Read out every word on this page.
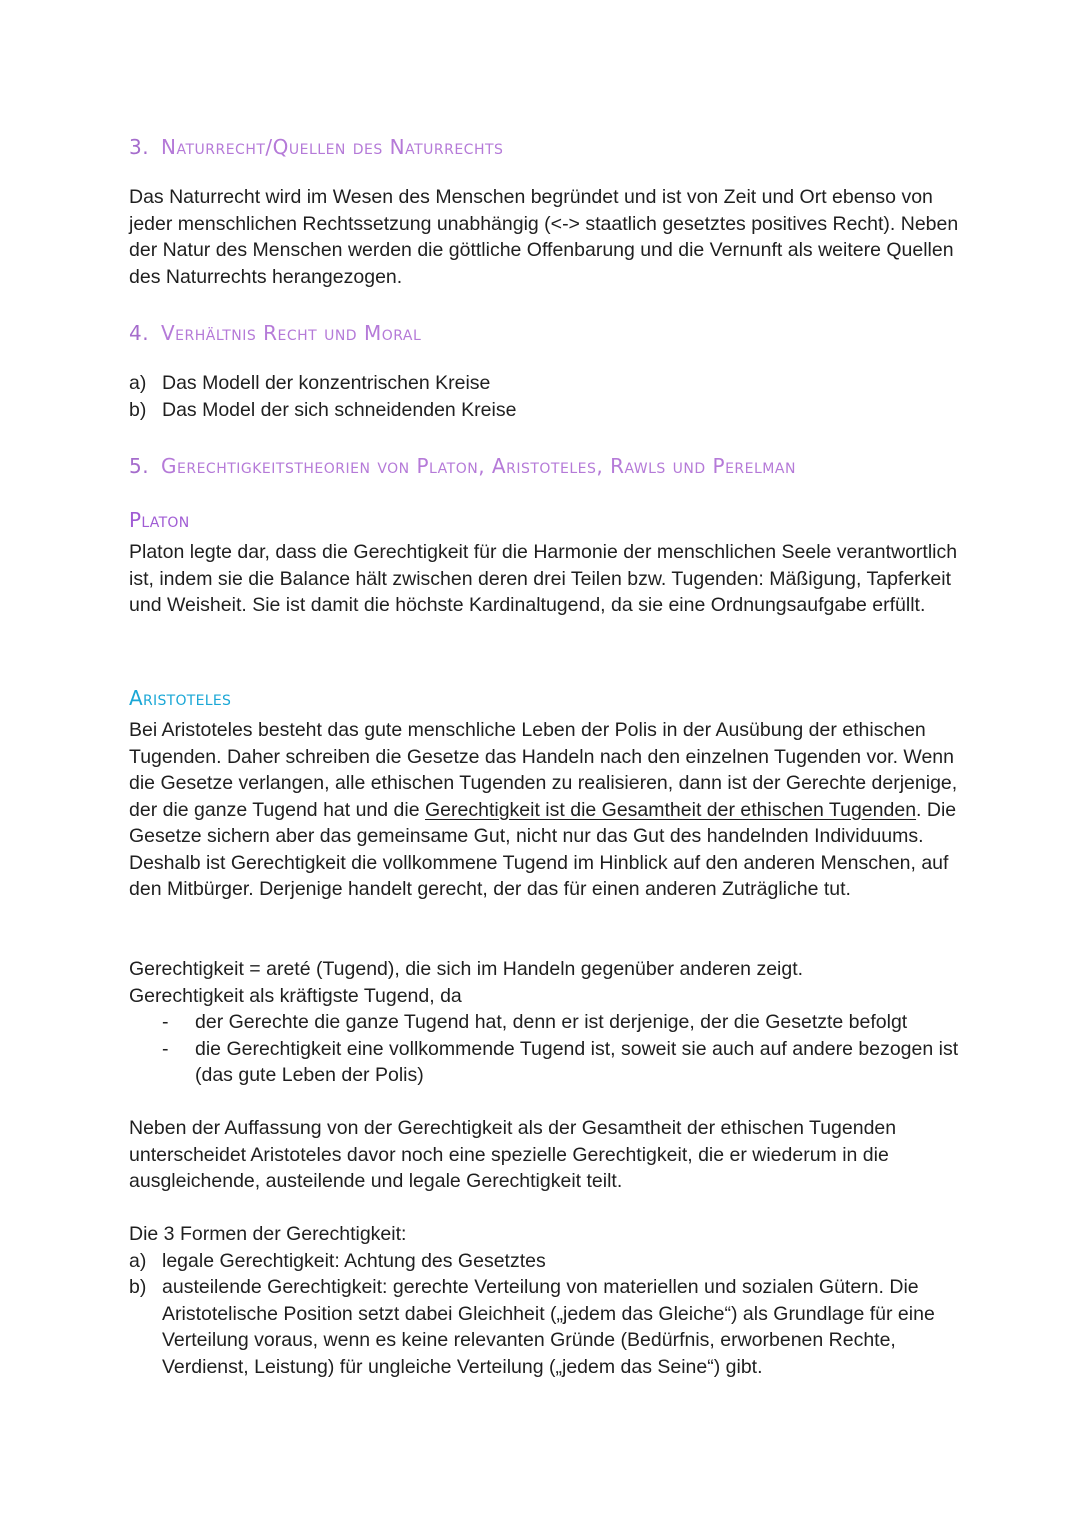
3. Naturrecht/Quellen des Naturrechts

Das Naturrecht wird im Wesen des Menschen begründet und ist von Zeit und Ort ebenso von jeder menschlichen Rechtssetzung unabhängig (<-> staatlich gesetztes positives Recht). Neben der Natur des Menschen werden die göttliche Offenbarung und die Vernunft als weitere Quellen des Naturrechts herangezogen.

4. Verhältnis Recht und Moral
a) Das Modell der konzentrischen Kreise
b) Das Model der sich schneidenden Kreise
5. Gerechtigkeitstheorien von Platon, Aristoteles, Rawls und Perelman
Platon

Platon legte dar, dass die Gerechtigkeit für die Harmonie der menschlichen Seele verantwortlich ist, indem sie die Balance hält zwischen deren drei Teilen bzw. Tugenden: Mäßigung, Tapferkeit und Weisheit. Sie ist damit die höchste Kardinaltugend, da sie eine Ordnungsaufgabe erfüllt.

Aristoteles

Bei Aristoteles besteht das gute menschliche Leben der Polis in der Ausübung der ethischen Tugenden. Daher schreiben die Gesetze das Handeln nach den einzelnen Tugenden vor. Wenn die Gesetze verlangen, alle ethischen Tugenden zu realisieren, dann ist der Gerechte derjenige, der die ganze Tugend hat und die Gerechtigkeit ist die Gesamtheit der ethischen Tugenden. Die Gesetze sichern aber das gemeinsame Gut, nicht nur das Gut des handelnden Individuums. Deshalb ist Gerechtigkeit die vollkommene Tugend im Hinblick auf den anderen Menschen, auf den Mitbürger. Derjenige handelt gerecht, der das für einen anderen Zuträgliche tut.

Gerechtigkeit = areté (Tugend), die sich im Handeln gegenüber anderen zeigt.

Gerechtigkeit als kräftigste Tugend, da

- der Gerechte die ganze Tugend hat, denn er ist derjenige, der die Gesetzte befolgt
- die Gerechtigkeit eine vollkommende Tugend ist, soweit sie auch auf andere bezogen ist (das gute Leben der Polis)

Neben der Auffassung von der Gerechtigkeit als der Gesamtheit der ethischen Tugenden unterscheidet Aristoteles davor noch eine spezielle Gerechtigkeit, die er wiederum in die ausgleichende, austeilende und legale Gerechtigkeit teilt.

Die 3 Formen der Gerechtigkeit:

a) legale Gerechtigkeit: Achtung des Gesetztes
b) austeilende Gerechtigkeit: gerechte Verteilung von materiellen und sozialen Gütern. Die Aristotelische Position setzt dabei Gleichheit („jedem das Gleiche“) als Grundlage für eine Verteilung voraus, wenn es keine relevanten Gründe (Bedürfnis, erworbenen Rechte, Verdienst, Leistung) für ungleiche Verteilung („jedem das Seine“) gibt.
